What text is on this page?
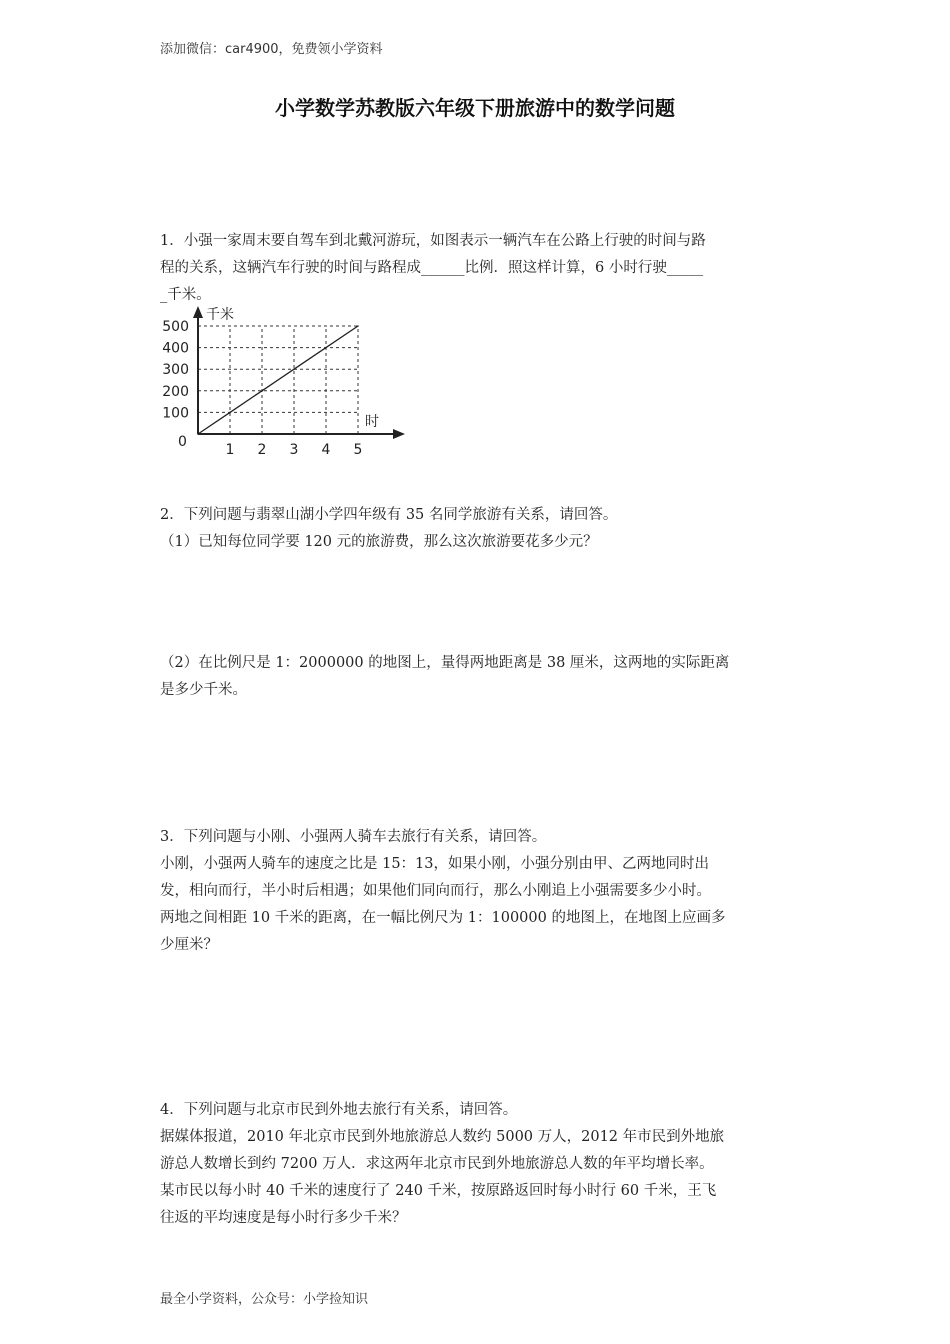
添加微信：car4900，免费领小学资料
小学数学苏教版六年级下册旅游中的数学问题
1．小强一家周末要自驾车到北戴河游玩，如图表示一辆汽车在公路上行驶的时间与路
程的关系，这辆汽车行驶的时间与路程成______比例．照这样计算，6 小时行驶_____
_千米。
1 2 3 4 5
100
200
300
400
500
千米
时
0
2．下列问题与翡翠山湖小学四年级有 35 名同学旅游有关系，请回答。
（1）已知每位同学要 120 元的旅游费，那么这次旅游要花多少元？
（2）在比例尺是 1：2000000 的地图上，量得两地距离是 38 厘米，这两地的实际距离
是多少千米。
3．下列问题与小刚、小强两人骑车去旅行有关系，请回答。
小刚，小强两人骑车的速度之比是 15：13，如果小刚，小强分别由甲、乙两地同时出
发，相向而行，半小时后相遇；如果他们同向而行，那么小刚追上小强需要多少小时。
两地之间相距 10 千米的距离，在一幅比例尺为 1：100000 的地图上，在地图上应画多
少厘米？
4．下列问题与北京市民到外地去旅行有关系，请回答。
据媒体报道，2010 年北京市民到外地旅游总人数约 5000 万人，2012 年市民到外地旅
游总人数增长到约 7200 万人．求这两年北京市民到外地旅游总人数的年平均增长率。
某市民以每小时 40 千米的速度行了 240 千米，按原路返回时每小时行 60 千米，王飞
往返的平均速度是每小时行多少千米？
最全小学资料，公众号：小学捡知识
